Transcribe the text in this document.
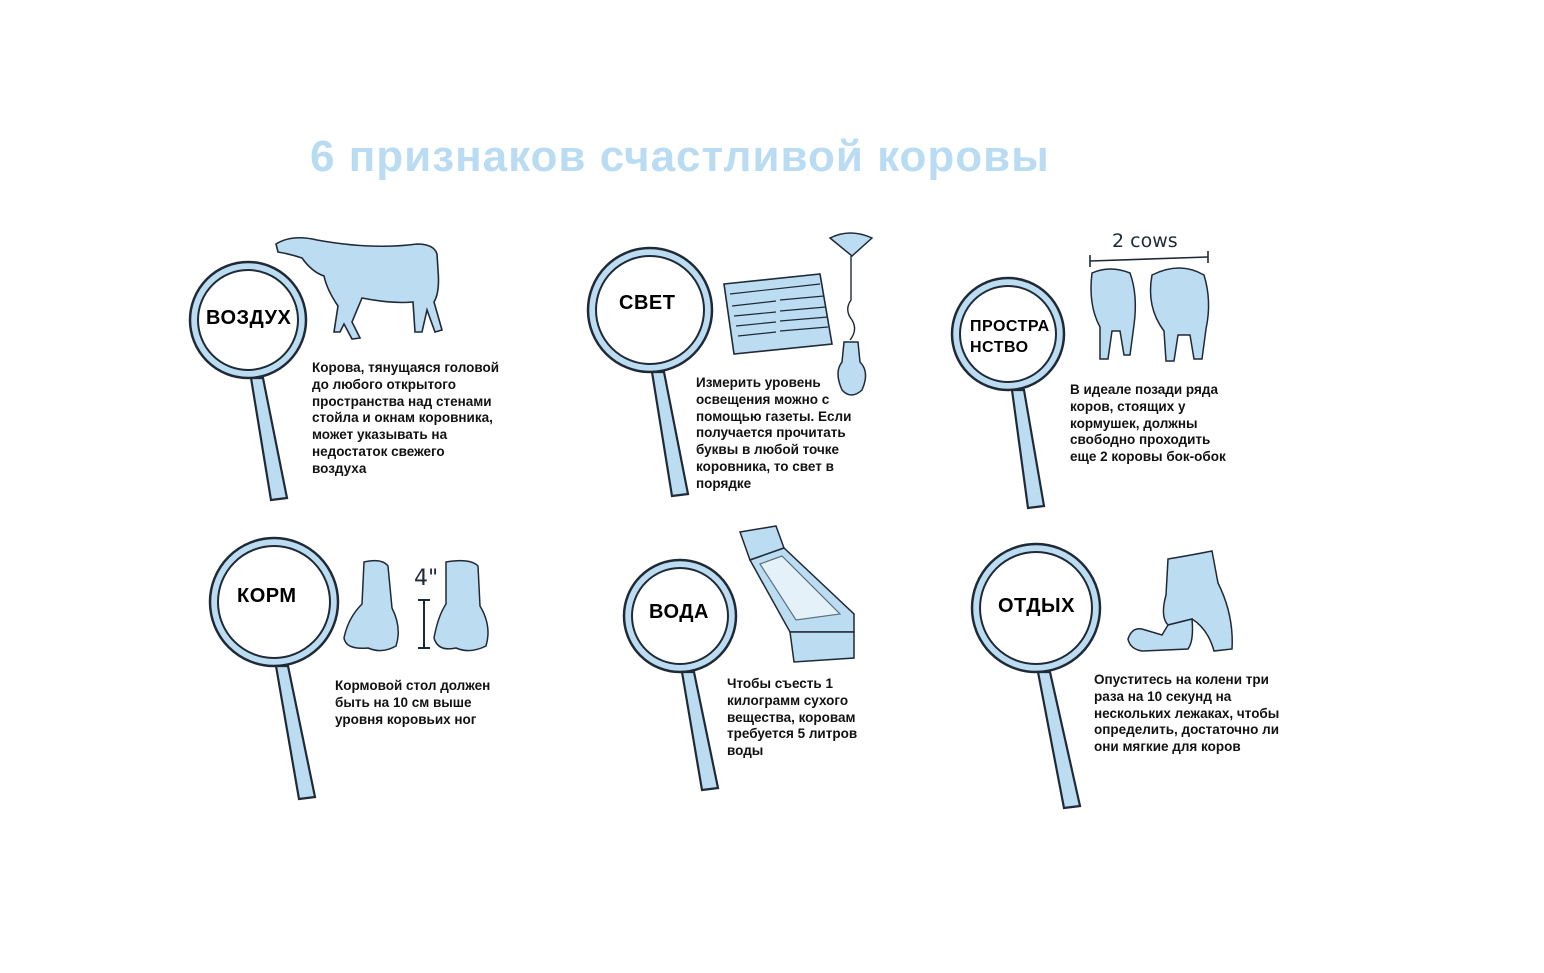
6 признаков счастливой коровы
ВОЗДУХ
Корова, тянущаяся головой до любого открытого пространства над стенами стойла и окнам коровника, может указывать на недостаток свежего воздуха
СВЕТ
Измерить уровень освещения можно с помощью газеты. Если получается прочитать буквы в любой точке коровника, то свет в порядке
ПРОСТРА
НСТВО
2 cows
В идеале позади ряда коров, стоящих у кормушек, должны свободно проходить еще 2 коровы бок-обок
КОРМ
4"
Кормовой стол должен быть на 10 см выше уровня коровьих ног
ВОДА
Чтобы съесть 1 килограмм сухого вещества, коровам требуется 5 литров воды
ОТДЫХ
Опуститесь на колени три раза на 10 секунд на нескольких лежаках, чтобы определить, достаточно ли они мягкие для коров
